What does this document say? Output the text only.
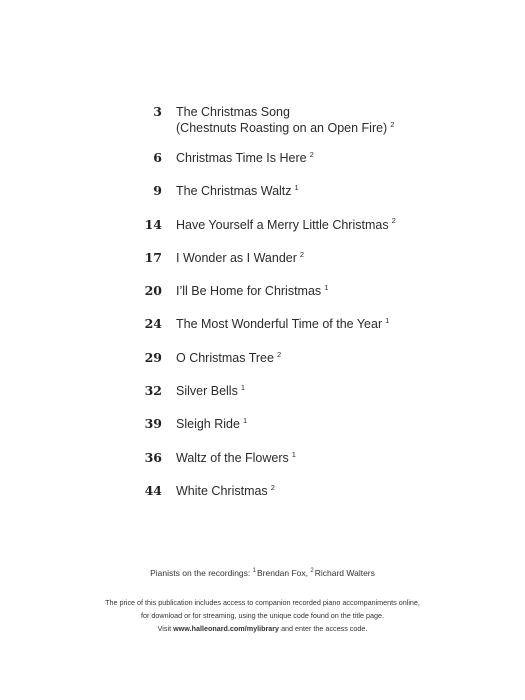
3 The Christmas Song
(Chestnuts Roasting on an Open Fire) $^2$
6 Christmas Time Is Here $^2$
9 The Christmas Waltz $^1$
14 Have Yourself a Merry Little Christmas $^2$
17 I Wonder as I Wander $^2$
20 I’ll Be Home for Christmas $^1$
24 The Most Wonderful Time of the Year $^1$
29 O Christmas Tree $^2$
32 Silver Bells $^1$
39 Sleigh Ride $^1$
36 Waltz of the Flowers $^1$
44 White Christmas $^2$
Pianists on the recordings: $^1$Brendan Fox, $^2$Richard Walters
The price of this publication includes access to companion recorded piano accompaniments online,
for download or for streaming, using the unique code found on the title page.
Visit www.halleonard.com/mylibrary and enter the access code.
